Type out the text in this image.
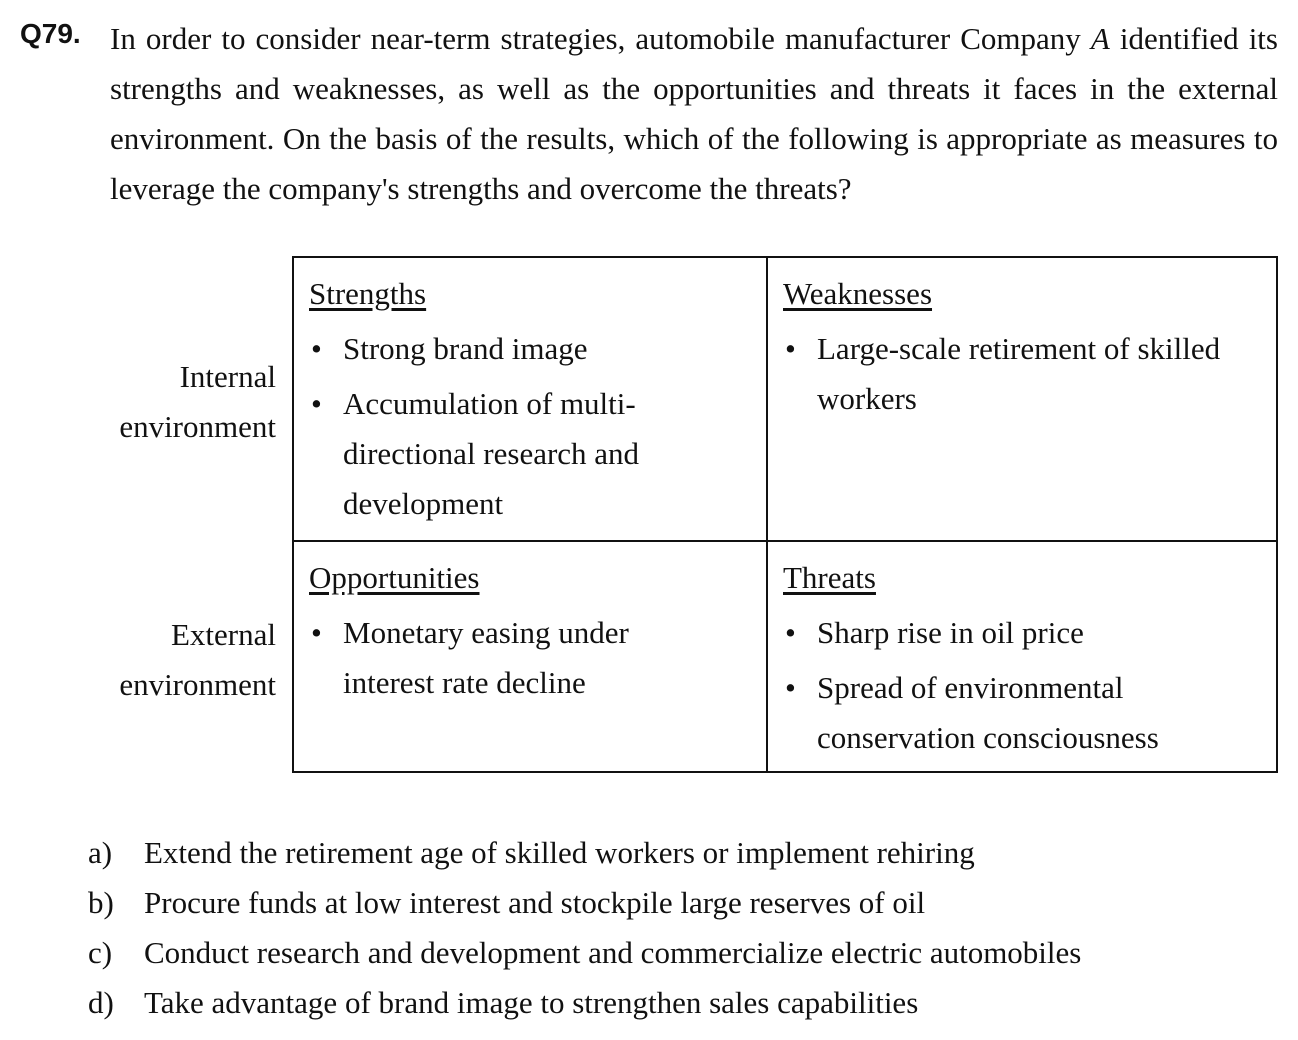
Q79. In order to consider near-term strategies, automobile manufacturer Company A identified its strengths and weaknesses, as well as the opportunities and threats it faces in the external environment. On the basis of the results, which of the following is appropriate as measures to leverage the company's strengths and overcome the threats?
Internal
environment
External
environment
Strengths
• Strong brand image
• Accumulation of multi-directional research and development
Weaknesses
• Large-scale retirement of skilled workers
Opportunities
• Monetary easing under interest rate decline
Threats
• Sharp rise in oil price
• Spread of environmental conservation consciousness
a)	Extend the retirement age of skilled workers or implement rehiring
b) Procure funds at low interest and stockpile large reserves of oil
c)	Conduct research and development and commercialize electric automobiles
d) Take advantage of brand image to strengthen sales capabilities
